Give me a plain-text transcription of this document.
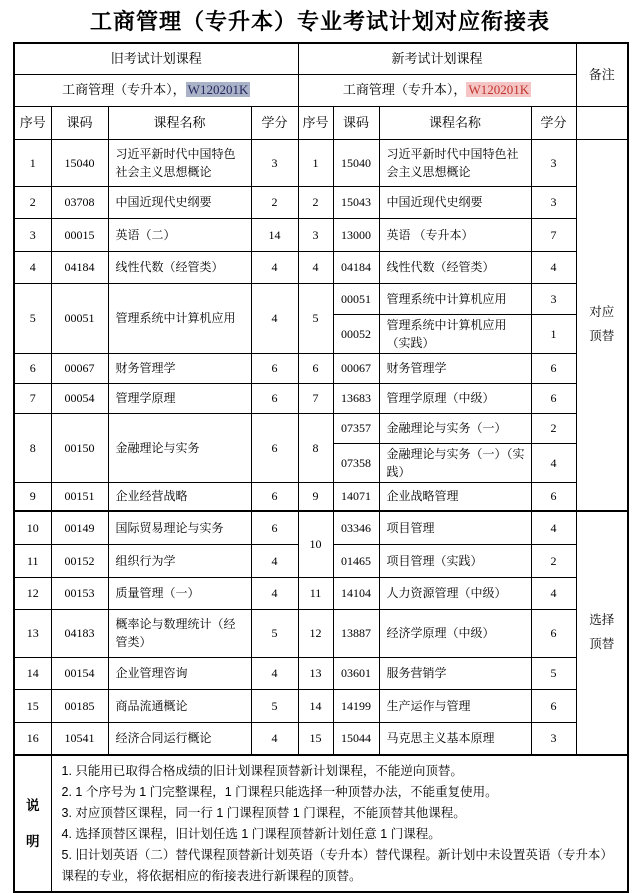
工商管理（专升本）专业考试计划对应衔接表
旧考试计划课程				新考试计划课程				备注
工商管理（专升本）， W120201K				工商管理（专升本）， W120201K				
序号	课码	课程名称	学分	序号	课码	课程名称	学分	
1	15040	习近平新时代中国特色社会主义思想概论	3	1	15040	习近平新时代中国特色社会主义思想概论	3	对应顶替

2	03708	中国近现代史纲要	2	2	15043	中国近现代史纲要	3	
3	00015	英语（二）	14	3	13000	英语 （专升本）	7	
4	04184	线性代数（经管类）	4	4	04184	线性代数（经管类）	4	
5	00051	管理系统中计算机应用	4	5	00051	管理系统中计算机应用	3	
					00052	管理系统中计算机应用（实践）	1	
6	00067	财务管理学	6	6	00067	财务管理学	6	
7	00054	管理学原理	6	7	13683	管理学原理（中级）	6	
8	00150	金融理论与实务	6	8	07357	金融理论与实务（一）	2	
					07358	金融理论与实务（一）（实践）	4	
9	00151	企业经营战略	6	9	14071	企业战略管理	6	
10	00149	国际贸易理论与实务	6	10	03346	项目管理	4	选择顶替

11	00152	组织行为学	4		01465	项目管理（实践）	2	
12	00153	质量管理（一）	4	11	14104	人力资源管理（中级）	4	
13	04183	概率论与数理统计（经管类）	5	12	13887	经济学原理（中级）	6	
14	00154	企业管理咨询	4	13	03601	服务营销学	5	
15	00185	商品流通概论	5	14	14199	生产运作与管理	6	
16	10541	经济合同运行概论	4	15	15044	马克思主义基本原理	3	

说明	1. 只能用已取得合格成绩的旧计划课程顶替新计划课程，不能逆向顶替。
2. 1 个序号为 1 门完整课程，1 门课程只能选择一种顶替办法，不能重复使用。
3. 对应顶替区课程，同一行 1 门课程顶替 1 门课程，不能顶替其他课程。
4. 选择顶替区课程，旧计划任选 1 门课程顶替新计划任意 1 门课程。
5. 旧计划英语（二）替代课程顶替新计划英语（专升本）替代课程。新计划中未设置英语（专升本）课程的专业，将依据相应的衔接表进行新课程的顶替。							
